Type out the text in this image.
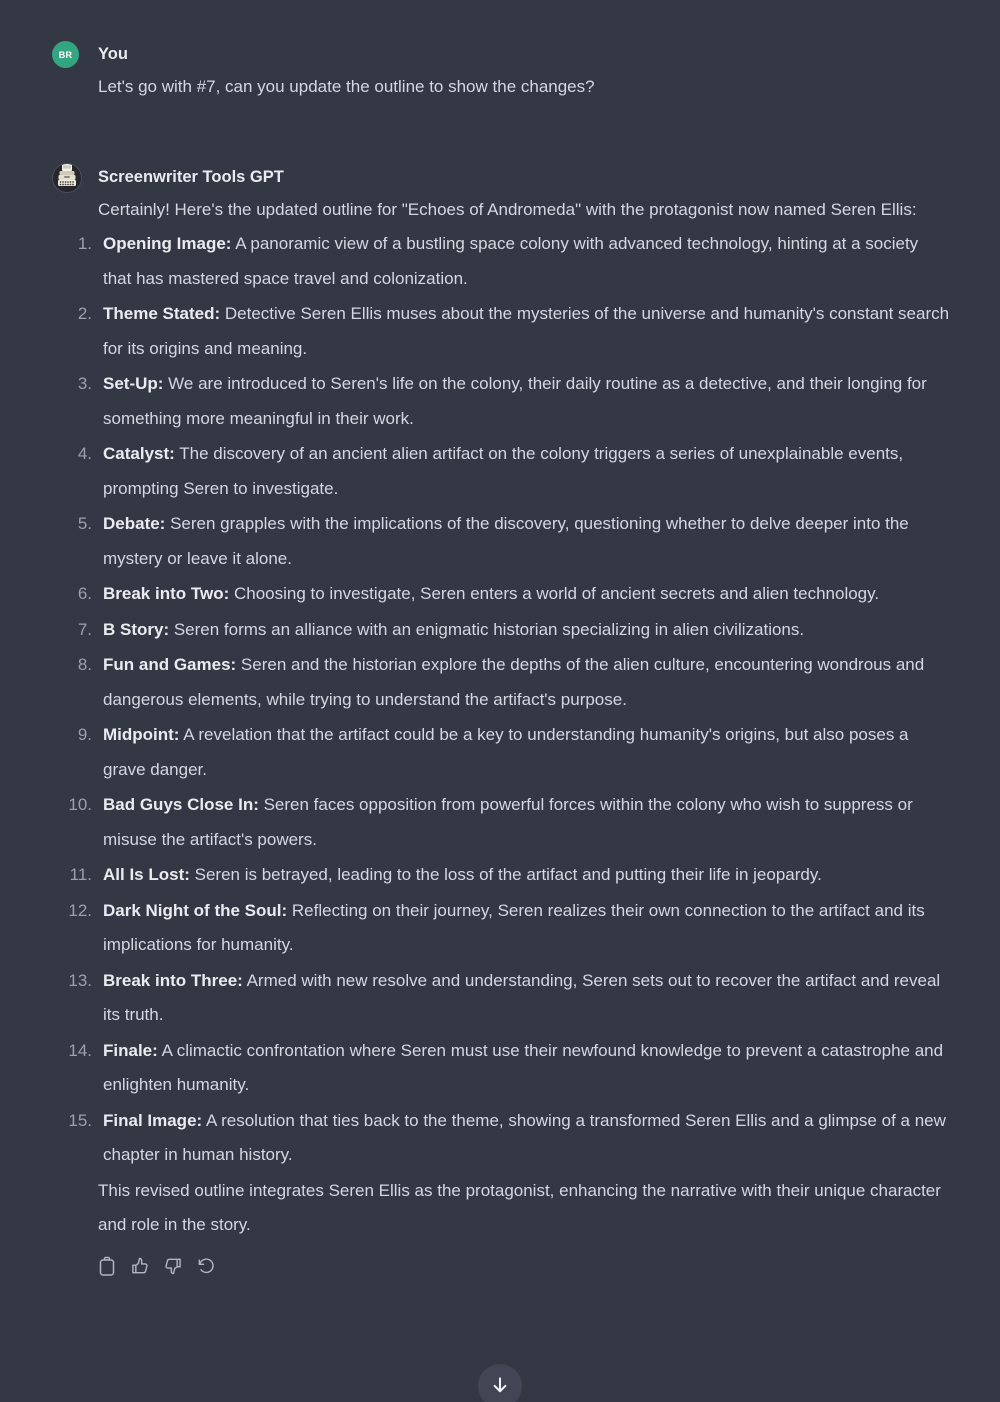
BR	You

Let's go with #7, can you update the outline to show the changes?

Screenwriter Tools GPT

Certainly! Here's the updated outline for "Echoes of Andromeda" with the protagonist now named Seren Ellis:

1. Opening Image: A panoramic view of a bustling space colony with advanced technology, hinting at a society that has mastered space travel and colonization.
2. Theme Stated: Detective Seren Ellis muses about the mysteries of the universe and humanity's constant search for its origins and meaning.
3. Set-Up: We are introduced to Seren's life on the colony, their daily routine as a detective, and their longing for something more meaningful in their work.
4. Catalyst: The discovery of an ancient alien artifact on the colony triggers a series of unexplainable events, prompting Seren to investigate.
5. Debate: Seren grapples with the implications of the discovery, questioning whether to delve deeper into the mystery or leave it alone.
6. Break into Two: Choosing to investigate, Seren enters a world of ancient secrets and alien technology.
7. B Story: Seren forms an alliance with an enigmatic historian specializing in alien civilizations.
8. Fun and Games: Seren and the historian explore the depths of the alien culture, encountering wondrous and dangerous elements, while trying to understand the artifact's purpose.
9. Midpoint: A revelation that the artifact could be a key to understanding humanity's origins, but also poses a grave danger.
10. Bad Guys Close In: Seren faces opposition from powerful forces within the colony who wish to suppress or misuse the artifact's powers.
11. All Is Lost: Seren is betrayed, leading to the loss of the artifact and putting their life in jeopardy.
12. Dark Night of the Soul: Reflecting on their journey, Seren realizes their own connection to the artifact and its implications for humanity.
13. Break into Three: Armed with new resolve and understanding, Seren sets out to recover the artifact and reveal its truth.
14. Finale: A climactic confrontation where Seren must use their newfound knowledge to prevent a catastrophe and enlighten humanity.
15. Final Image: A resolution that ties back to the theme, showing a transformed Seren Ellis and a glimpse of a new chapter in human history.

This revised outline integrates Seren Ellis as the protagonist, enhancing the narrative with their unique character and role in the story.
